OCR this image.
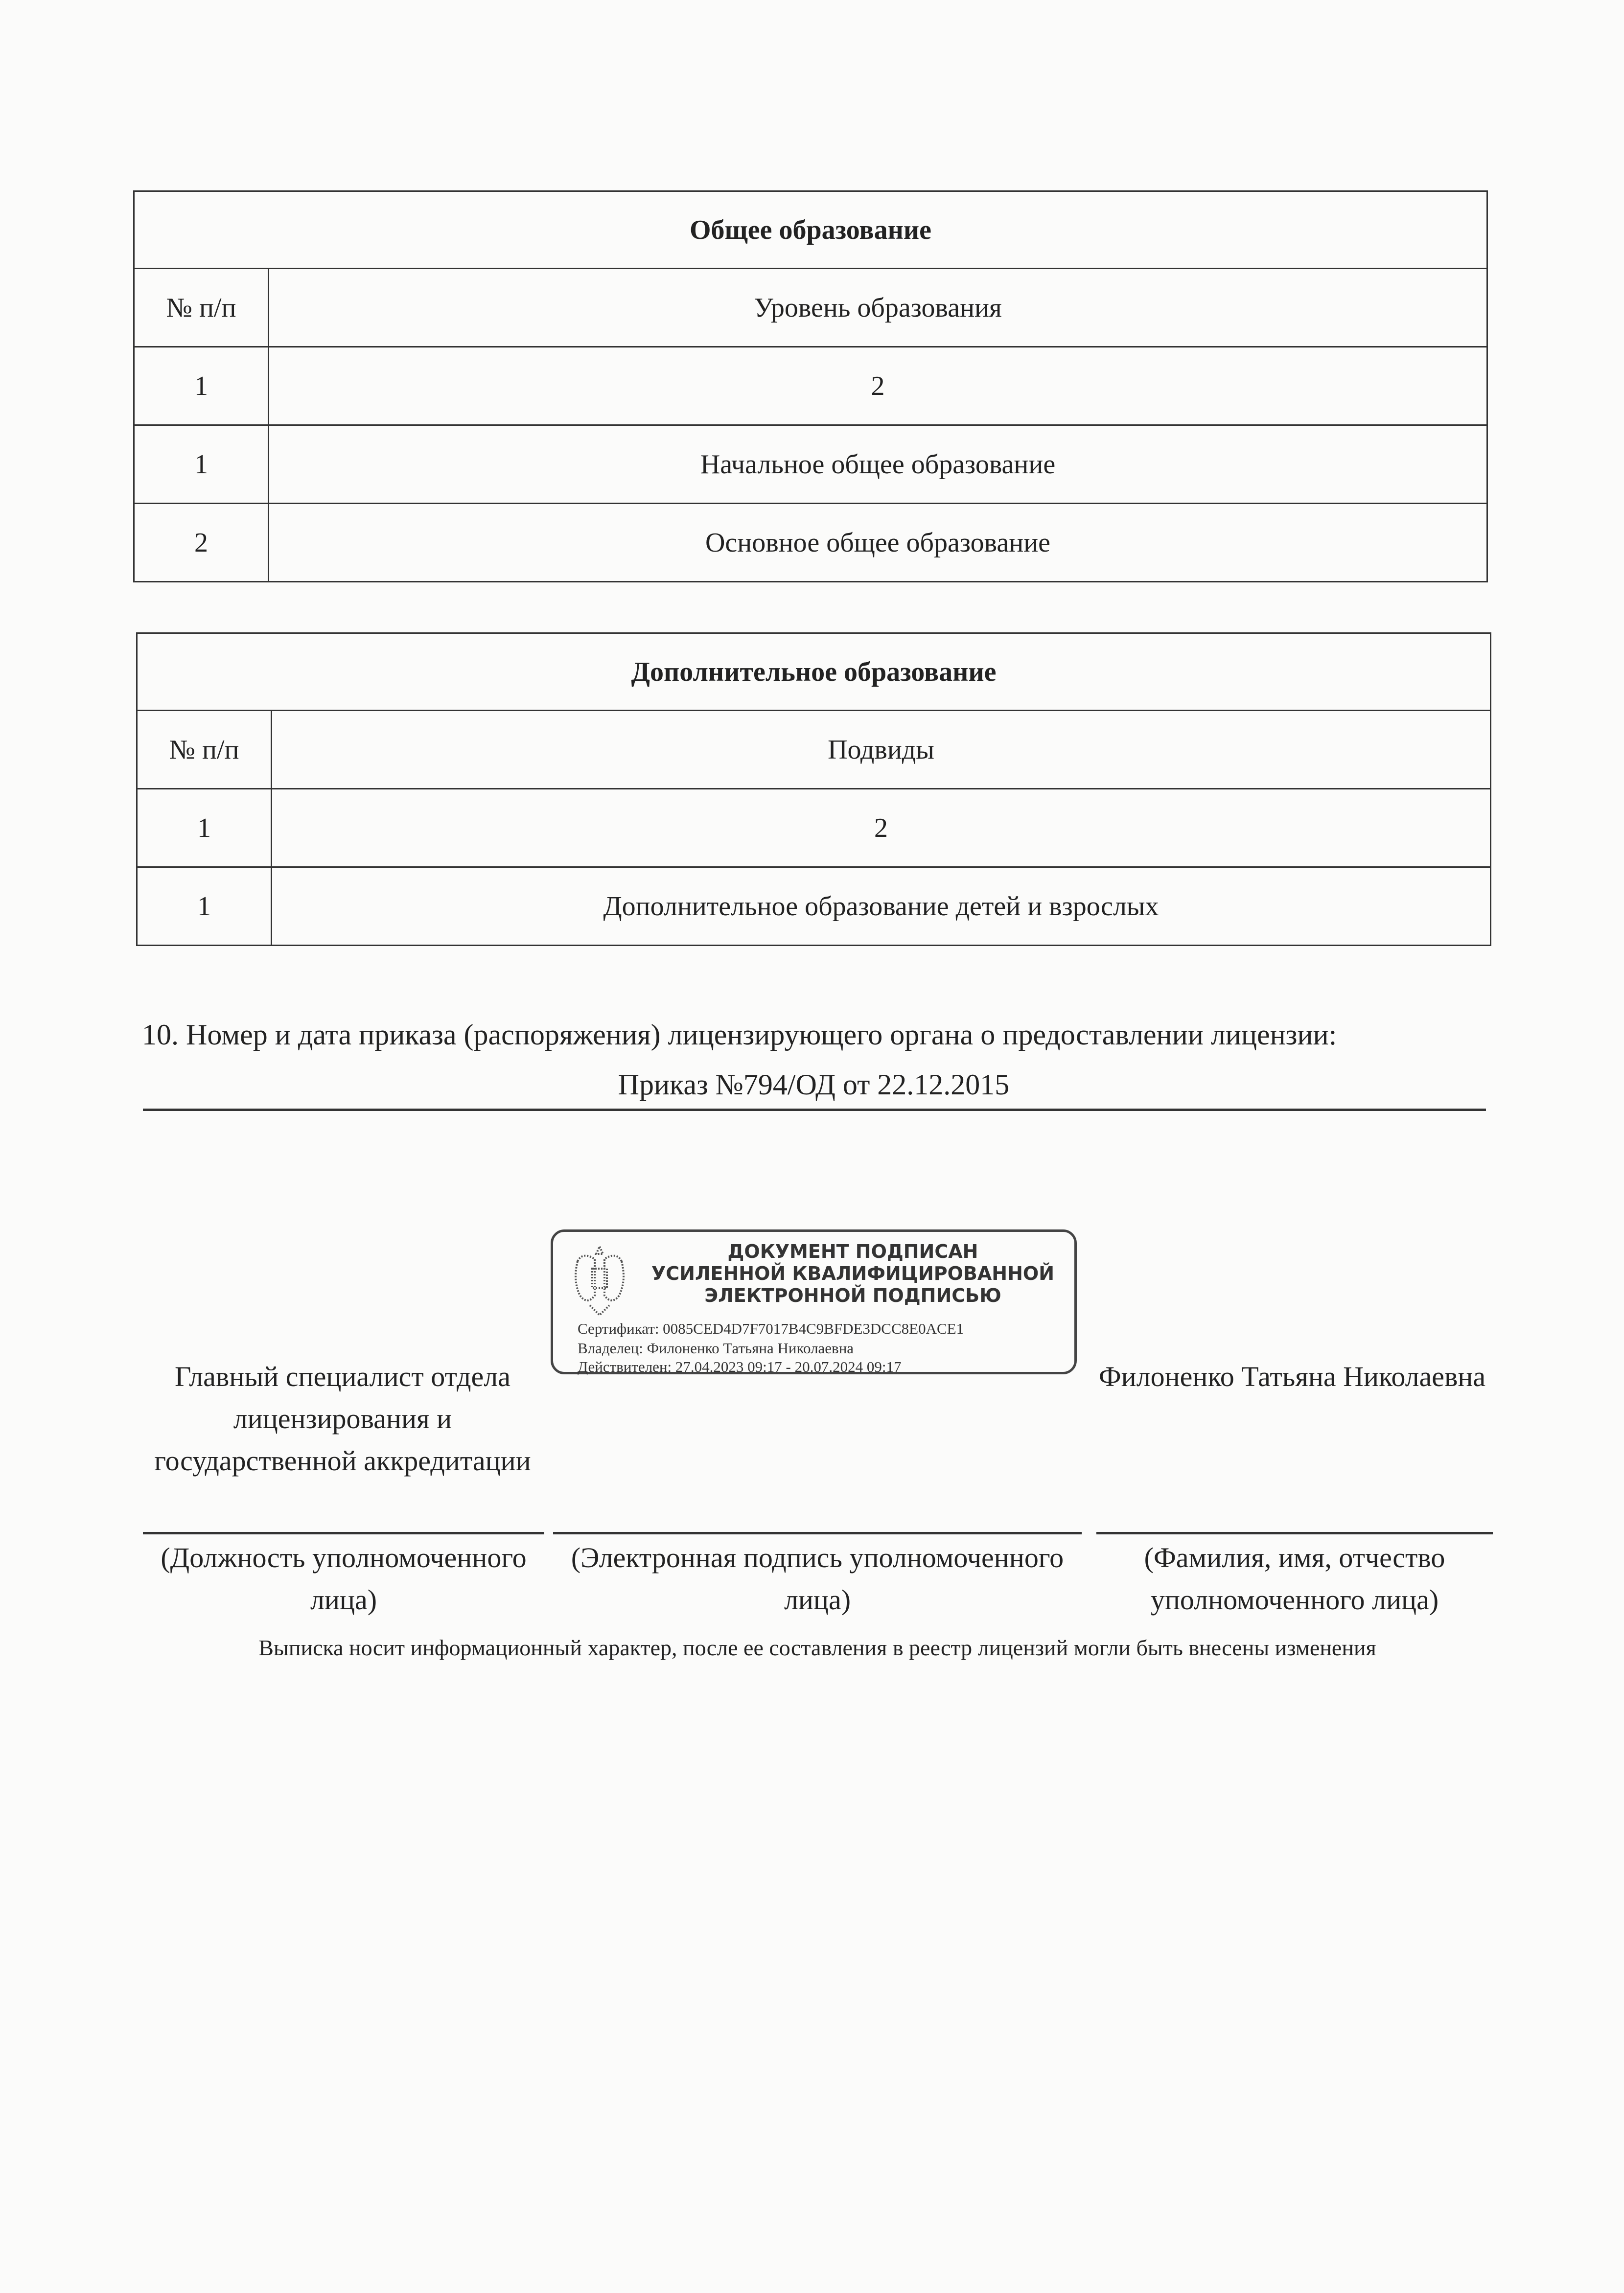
Общее образование
№ п/п	Уровень образования
1	2
1	Начальное общее образование
2	Основное общее образование
Дополнительное образование
№ п/п	Подвиды
1	2
1	Дополнительное образование детей и взрослых
10. Номер и дата приказа (распоряжения) лицензирующего органа о предоставлении лицензии:
Приказ №794/ОД от 22.12.2015
ДОКУМЕНТ ПОДПИСАН
УСИЛЕННОЙ КВАЛИФИЦИРОВАННОЙ
ЭЛЕКТРОННОЙ ПОДПИСЬЮ
Сертификат: 0085CED4D7F7017B4C9BFDE3DCC8E0ACE1
Владелец: Филоненко Татьяна Николаевна
Действителен: 27.04.2023 09:17 - 20.07.2024 09:17
Главный специалист отдела лицензирования и государственной аккредитации
Филоненко Татьяна Николаевна
(Должность уполномоченного лица)
(Электронная подпись уполномоченного лица)
(Фамилия, имя, отчество уполномоченного лица)
Выписка носит информационный характер, после ее составления в реестр лицензий могли быть внесены изменения
